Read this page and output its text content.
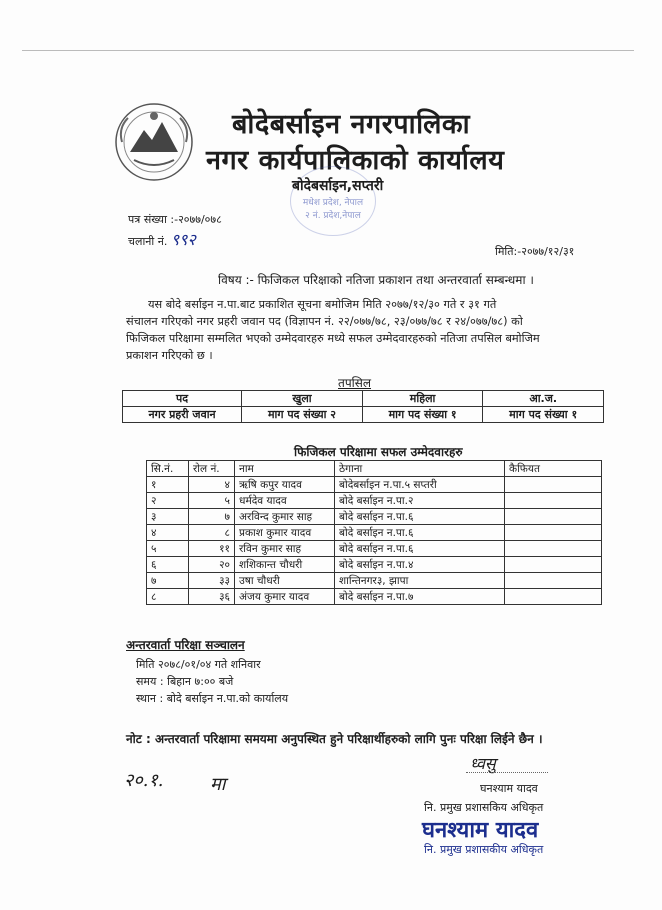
बोदेबर्साइन नगरपालिका
नगर कार्यपालिकाको कार्यालय
मधेश प्रदेश, नेपाल
२ नं. प्रदेश,नेपाल
बोदेबर्साइन,सप्तरी
पत्र संख्या :-२०७७/०७८
चलानी नं. ९९२
मिति:-२०७७/१२/३१
विषय :- फिजिकल परिक्षाको नतिजा प्रकाशन तथा अन्तरवार्ता सम्बन्धमा ।
यस बोदे बर्साइन न.पा.बाट प्रकाशित सूचना बमोजिम मिति २०७७/१२/३० गते र ३१ गते
संचालन गरिएको नगर प्रहरी जवान पद (विज्ञापन नं. २२/०७७/७८, २३/०७७/७८ र २४/०७७/७८) को
फिजिकल परिक्षामा सम्मलित भएको उम्मेदवारहरु मध्ये सफल उम्मेदवारहरुको नतिजा तपसिल बमोजिम
प्रकाशन गरिएको छ ।
तपसिल
पद	खुला	महिला	आ.ज.
नगर प्रहरी जवान	माग पद संख्या २	माग पद संख्या १	माग पद संख्या १
फिजिकल परिक्षामा सफल उम्मेदवारहरु
सि.नं.	रोल नं.	नाम	ठेगाना	कैफियत
१	४	ऋषि कपुर यादव	बोदेबर्साइन न.पा.५ सप्तरी	
२	५	धर्मदेव यादव	बोदे बर्साइन न.पा.२	
३	७	अरविन्द कुमार साह	बोदे बर्साइन न.पा.६	
४	८	प्रकाश कुमार यादव	बोदे बर्साइन न.पा.६	
५	११	रविन कुमार साह	बोदे बर्साइन न.पा.६	
६	२०	शशिकान्त चौधरी	बोदे बर्साइन न.पा.४	
७	३३	उषा चौधरी	शान्तिनगर३, झापा	
८	३६	अंजय कुमार यादव	बोदे बर्साइन न.पा.७	
अन्तरवार्ता परिक्षा सञ्चालन
मिति २०७८/०१/०४ गते शनिवार
समय : बिहान ७:०० बजे
स्थान : बोदे बर्साइन न.पा.को कार्यालय
नोट : अन्तरवार्ता परिक्षामा समयमा अनुपस्थित हुने परिक्षार्थीहरुको लागि पुनः परिक्षा लिईने छैन ।
२०.१.	मा
ध्वसु
घनश्याम यादव
नि. प्रमुख प्रशासकिय अधिकृत
घनश्याम यादव
नि. प्रमुख प्रशासकीय अधिकृत
